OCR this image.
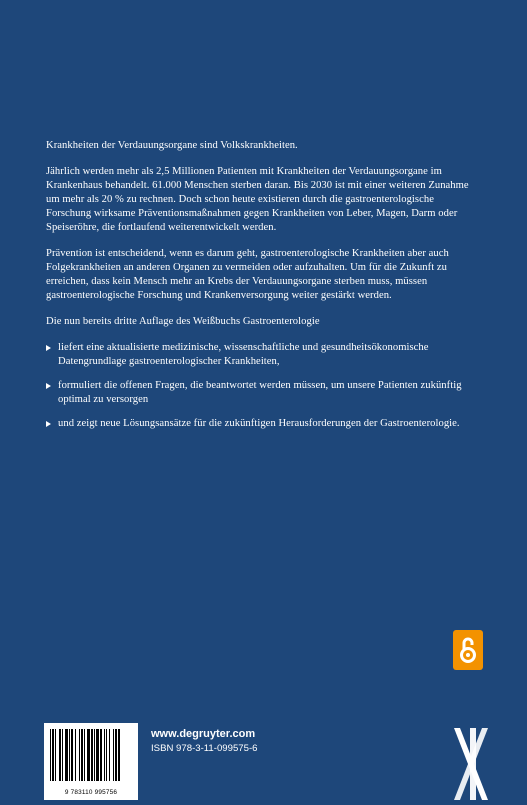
Krankheiten der Verdauungsorgane sind Volkskrankheiten.

Jährlich werden mehr als 2,5 Millionen Patienten mit Krankheiten der Verdauungsorgane im Krankenhaus behandelt. 61.000 Menschen sterben daran. Bis 2030 ist mit einer weiteren Zunahme um mehr als 20 % zu rechnen. Doch schon heute existieren durch die gastroenterologische Forschung wirksame Präventionsmaßnahmen gegen Krankheiten von Leber, Magen, Darm oder Speiseröhre, die fortlaufend weiterentwickelt werden.

Prävention ist entscheidend, wenn es darum geht, gastroenterologische Krankheiten aber auch Folgekrankheiten an anderen Organen zu vermeiden oder aufzuhalten. Um für die Zukunft zu erreichen, dass kein Mensch mehr an Krebs der Verdauungsorgane sterben muss, müssen gastroenterologische Forschung und Krankenversorgung weiter gestärkt werden.

Die nun bereits dritte Auflage des Weißbuchs Gastroenterologie

liefert eine aktualisierte medizinische, wissenschaftliche und gesundheitsökonomische Datengrundlage gastroenterologischer Krankheiten,
formuliert die offenen Fragen, die beantwortet werden müssen, um unsere Patienten zukünftig optimal zu versorgen
und zeigt neue Lösungsansätze für die zukünftigen Herausforderungen der Gastroenterologie.
9 783110 995756
www.degruyter.com
ISBN 978-3-11-099575-6
